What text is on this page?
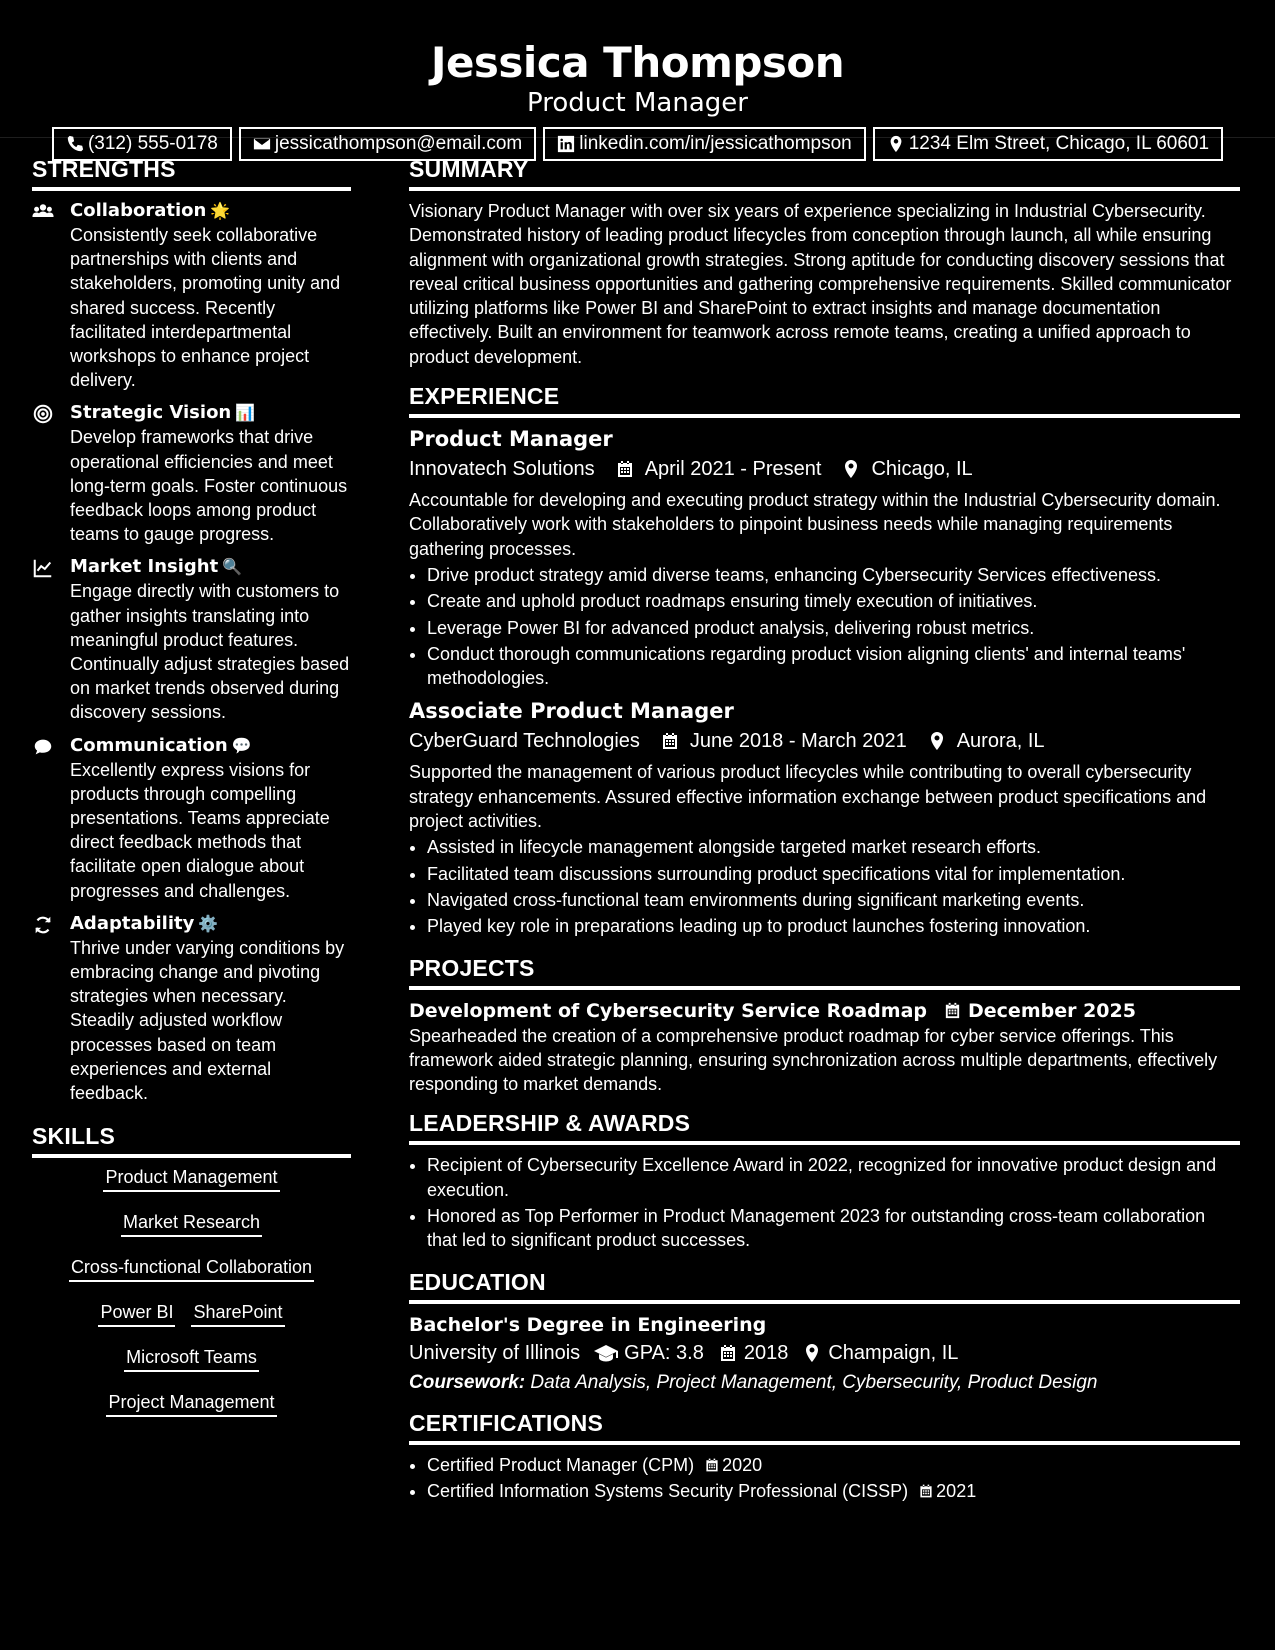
Jessica Thompson
Product Manager
(312) 555-0178	jessicathompson@email.com	linkedin.com/in/jessicathompson	1234 Elm Street, Chicago, IL 60601
STRENGTHS
Collaboration 🌟
Consistently seek collaborative partnerships with clients and stakeholders, promoting unity and shared success. Recently facilitated interdepartmental workshops to enhance project delivery.
Strategic Vision 📊
Develop frameworks that drive operational efficiencies and meet long-term goals. Foster continuous feedback loops among product teams to gauge progress.
Market Insight 🔍
Engage directly with customers to gather insights translating into meaningful product features. Continually adjust strategies based on market trends observed during discovery sessions.
Communication 💬
Excellently express visions for products through compelling presentations. Teams appreciate direct feedback methods that facilitate open dialogue about progresses and challenges.
Adaptability ⚙️
Thrive under varying conditions by embracing change and pivoting strategies when necessary. Steadily adjusted workflow processes based on team experiences and external feedback.
SKILLS
Product Management
Market Research
Cross-functional Collaboration
Power BI SharePoint
Microsoft Teams
Project Management
SUMMARY
Visionary Product Manager with over six years of experience specializing in Industrial Cybersecurity. Demonstrated history of leading product lifecycles from conception through launch, all while ensuring alignment with organizational growth strategies. Strong aptitude for conducting discovery sessions that reveal critical business opportunities and gathering comprehensive requirements. Skilled communicator utilizing platforms like Power BI and SharePoint to extract insights and manage documentation effectively. Built an environment for teamwork across remote teams, creating a unified approach to product development.
EXPERIENCE
Product Manager
Innovatech Solutions	April 2021 - Present	Chicago, IL
Accountable for developing and executing product strategy within the Industrial Cybersecurity domain. Collaboratively work with stakeholders to pinpoint business needs while managing requirements gathering processes.
• Drive product strategy amid diverse teams, enhancing Cybersecurity Services effectiveness.
• Create and uphold product roadmaps ensuring timely execution of initiatives.
• Leverage Power BI for advanced product analysis, delivering robust metrics.
• Conduct thorough communications regarding product vision aligning clients' and internal teams' methodologies.
Associate Product Manager
CyberGuard Technologies	June 2018 - March 2021	Aurora, IL
Supported the management of various product lifecycles while contributing to overall cybersecurity strategy enhancements. Assured effective information exchange between product specifications and project activities.
• Assisted in lifecycle management alongside targeted market research efforts.
• Facilitated team discussions surrounding product specifications vital for implementation.
• Navigated cross-functional team environments during significant marketing events.
• Played key role in preparations leading up to product launches fostering innovation.
PROJECTS
Development of Cybersecurity Service Roadmap December 2025
Spearheaded the creation of a comprehensive product roadmap for cyber service offerings. This framework aided strategic planning, ensuring synchronization across multiple departments, effectively responding to market demands.
LEADERSHIP & AWARDS
• Recipient of Cybersecurity Excellence Award in 2022, recognized for innovative product design and execution.
• Honored as Top Performer in Product Management 2023 for outstanding cross-team collaboration that led to significant product successes.
EDUCATION
Bachelor's Degree in Engineering
University of Illinois GPA: 3.8 2018 Champaign, IL
Coursework: Data Analysis, Project Management, Cybersecurity, Product Design
CERTIFICATIONS
• Certified Product Manager (CPM) 2020
• Certified Information Systems Security Professional (CISSP) 2021
